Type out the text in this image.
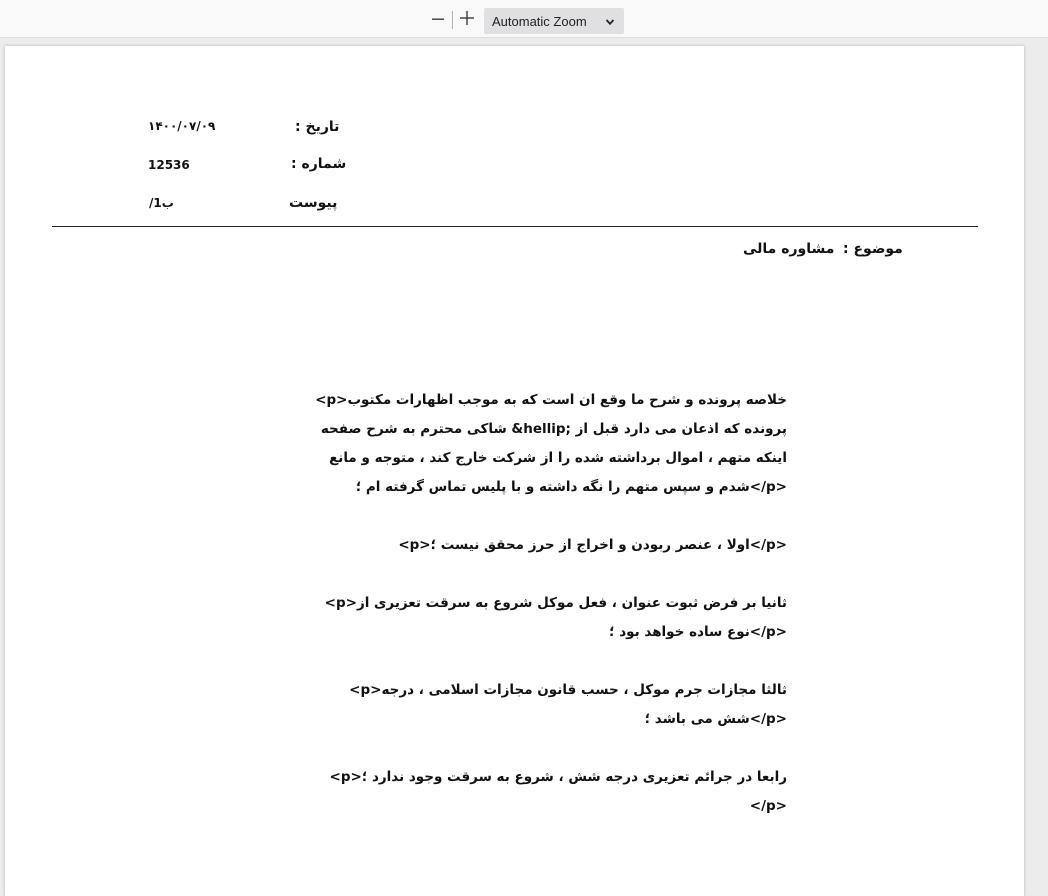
Automatic Zoom
تاریخ :
۱۴۰۰/۰۷/۰۹
شماره :
12536
پیوست
/1ب
موضوع :
مشاوره مالی

<p>خلاصه پرونده و شرح ما وقع ان است که به موجب اظهارات مکتوب شاکی محترم به شرح صفحه &hellip; پرونده که اذعان می دارد قبل از اینکه متهم ، اموال برداشته شده را از شرکت خارج کند ، متوجه و مانع شدم و سپس متهم را نگه داشته و با پلیس تماس گرفته ام ؛</p>

<p>اولا ، عنصر ربودن و اخراج از حرز محقق نیست ؛</p>

<p>ثانیا بر فرض ثبوت عنوان ، فعل موکل شروع به سرقت تعزیری از نوع ساده خواهد بود ؛</p>

<p>ثالثا مجازات جرم موکل ، حسب قانون مجازات اسلامی ، درجه شش می باشد ؛</p>

<p>رابعا در جرائم تعزیری درجه شش ، شروع به سرقت وجود ندارد ؛</p>
